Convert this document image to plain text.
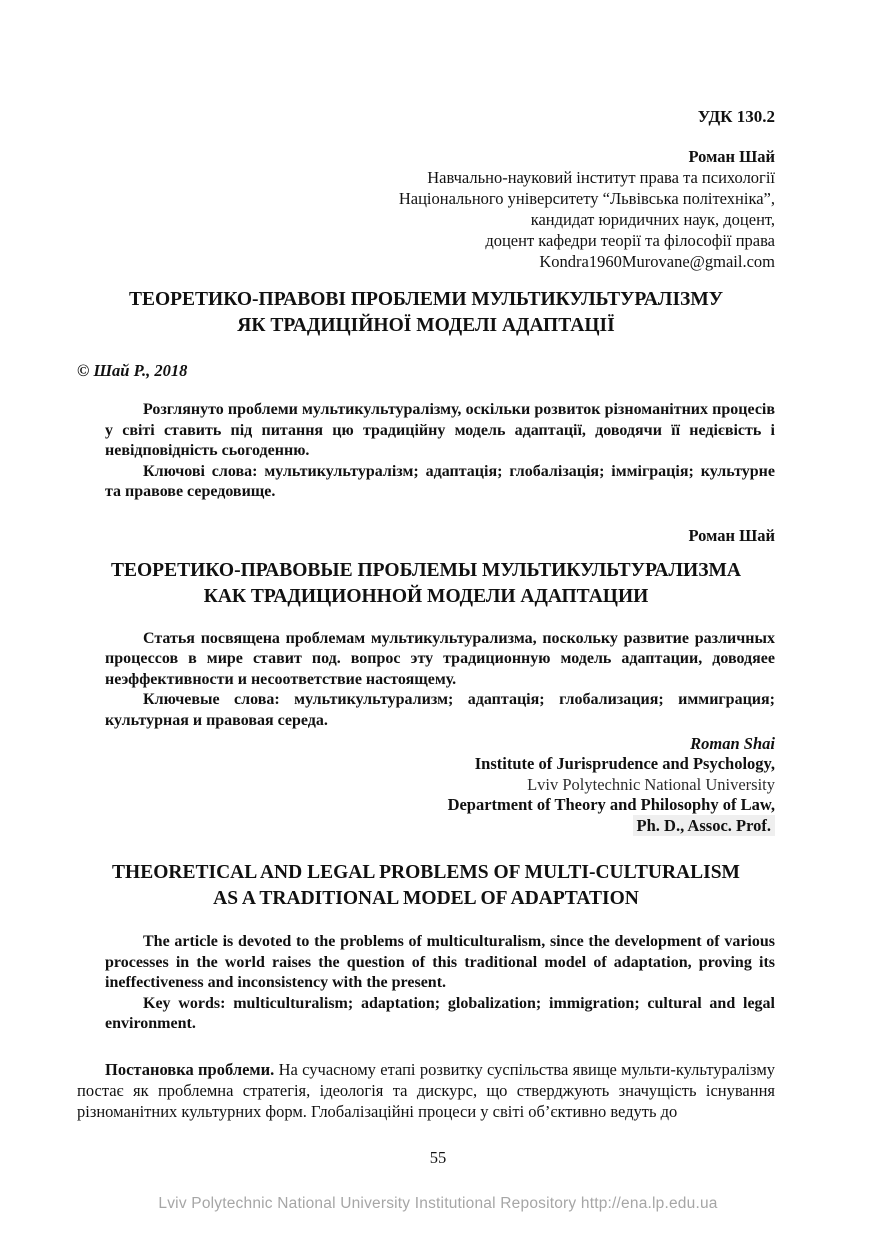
УДК 130.2
Роман Шай
Навчально-науковий інститут права та психології
Національного університету “Львівська політехніка”,
кандидат юридичних наук, доцент,
доцент кафедри теорії та філософії права
Kondra1960Murovane@gmail.com
ТЕОРЕТИКО-ПРАВОВІ ПРОБЛЕМИ МУЛЬТИКУЛЬТУРАЛІЗМУ
ЯК ТРАДИЦІЙНОЇ МОДЕЛІ АДАПТАЦІЇ
© Шай Р., 2018

Розглянуто проблеми мультикультуралізму, оскільки розвиток різноманітних процесів у світі ставить під питання цю традиційну модель адаптації, доводячи її недієвість і невідповідність сьогоденню.

Ключові слова: мультикультуралізм; адаптація; глобалізація; імміграція; культурне та правове середовище.

Роман Шай
ТЕОРЕТИКО-ПРАВОВЫЕ ПРОБЛЕМЫ МУЛЬТИКУЛЬТУРАЛИЗМА
КАК ТРАДИЦИОННОЙ МОДЕЛИ АДАПТАЦИИ

Статья посвящена проблемам мультикультурализма, поскольку развитие различных процессов в мире ставит под. вопрос эту традиционную модель адаптации, доводяее неэффективности и несоответствие настоящему.

Ключевые слова: мультикультурализм; адаптація; глобализация; иммиграция; культурная и правовая середа.

Roman Shai
Institute of Jurisprudence and Psychology,
Lviv Polytechnic National University
Department of Theory and Philosophy of Law,
Ph. D., Assoc. Prof.
THEORETICAL AND LEGAL PROBLEMS OF MULTI-CULTURALISM
AS A TRADITIONAL MODEL OF ADAPTATION

The article is devoted to the problems of multiculturalism, since the development of various processes in the world raises the question of this traditional model of adaptation, proving its ineffectiveness and inconsistency with the present.

Key words: multiculturalism; adaptation; globalization; immigration; cultural and legal environment.

Постановка проблеми. На сучасному етапі розвитку суспільства явище мульти-культуралізму постає як проблемна стратегія, ідеологія та дискурс, що стверджують значущість існування різноманітних культурних форм. Глобалізаційні процеси у світі об’єктивно ведуть до
55
Lviv Polytechnic National University Institutional Repository http://ena.lp.edu.ua
